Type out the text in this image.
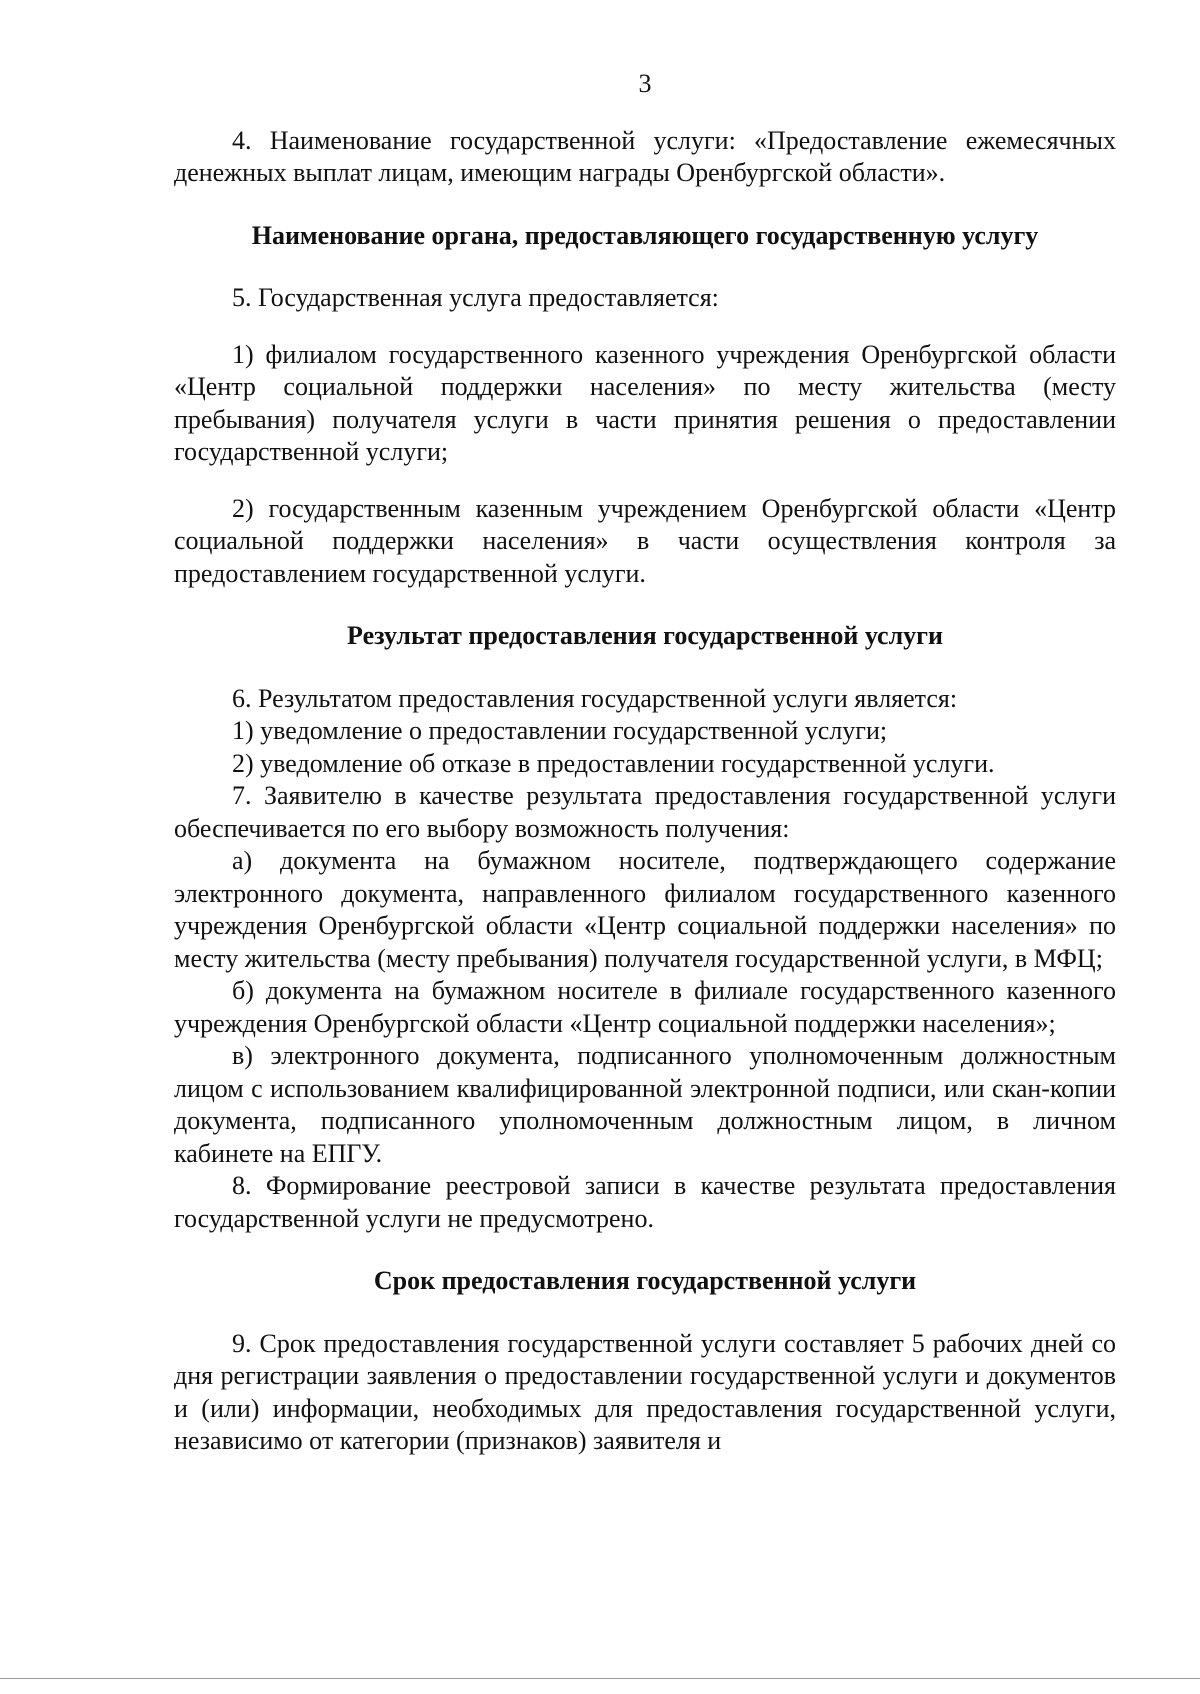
3

4. Наименование государственной услуги: «Предоставление ежемесячных денежных выплат лицам, имеющим награды Оренбургской области».

Наименование органа, предоставляющего государственную услугу

5. Государственная услуга предоставляется:

1) филиалом государственного казенного учреждения Оренбургской области «Центр социальной поддержки населения» по месту жительства (месту пребывания) получателя услуги в части принятия решения о предоставлении государственной услуги;

2) государственным казенным учреждением Оренбургской области «Центр социальной поддержки населения» в части осуществления контроля за предоставлением государственной услуги.

Результат предоставления государственной услуги

6. Результатом предоставления государственной услуги является:

1) уведомление о предоставлении государственной услуги;

2) уведомление об отказе в предоставлении государственной услуги.

7. Заявителю в качестве результата предоставления государственной услуги обеспечивается по его выбору возможность получения:

а) документа на бумажном носителе, подтверждающего содержание электронного документа, направленного филиалом государственного казенного учреждения Оренбургской области «Центр социальной поддержки населения» по месту жительства (месту пребывания) получателя государственной услуги, в МФЦ;

б) документа на бумажном носителе в филиале государственного казенного учреждения Оренбургской области «Центр социальной поддержки населения»;

в) электронного документа, подписанного уполномоченным должностным лицом с использованием квалифицированной электронной подписи, или скан-копии документа, подписанного уполномоченным должностным лицом, в личном кабинете на ЕПГУ.

8. Формирование реестровой записи в качестве результата предоставления государственной услуги не предусмотрено.

Срок предоставления государственной услуги

9. Срок предоставления государственной услуги составляет 5 рабочих дней со дня регистрации заявления о предоставлении государственной услуги и документов и (или) информации, необходимых для предоставления государственной услуги, независимо от категории (признаков) заявителя и
